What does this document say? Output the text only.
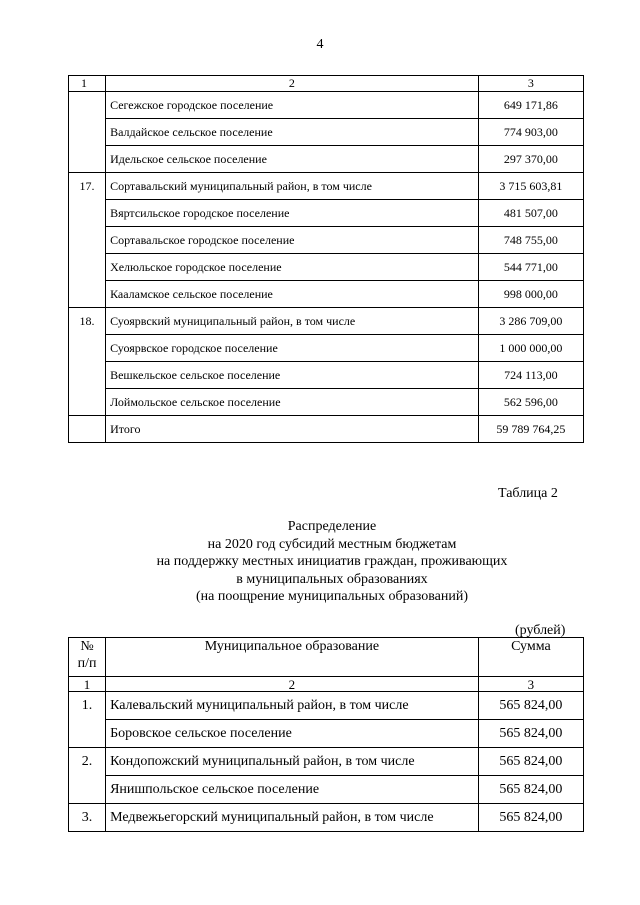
4
1	2	3
	Сегежское городское поселение	649 171,86
	Валдайское сельское поселение	774 903,00
	Идельское сельское поселение	297 370,00
17.	Сортавальский муниципальный район, в том числе	3 715 603,81
	Вяртсильское городское поселение	481 507,00
	Сортавальское городское поселение	748 755,00
	Хелюльское городское поселение	544 771,00
	Кааламское сельское поселение	998 000,00
18.	Суоярвский муниципальный район, в том числе	3 286 709,00
	Суоярвское городское поселение	1 000 000,00
	Вешкельское сельское поселение	724 113,00
	Лоймольское сельское поселение	562 596,00
	Итого	59 789 764,25
Таблица 2
Распределение
на 2020 год субсидий местным бюджетам
на поддержку местных инициатив граждан, проживающих
в муниципальных образованиях
(на поощрение муниципальных образований)
(рублей)
№
п/п	Муниципальное образование	Сумма
1	2	3
1.	Калевальский муниципальный район, в том числе	565 824,00
	Боровское сельское поселение	565 824,00
2.	Кондопожский муниципальный район, в том числе	565 824,00
	Янишпольское сельское поселение	565 824,00
3.	Медвежьегорский муниципальный район, в том числе	565 824,00
